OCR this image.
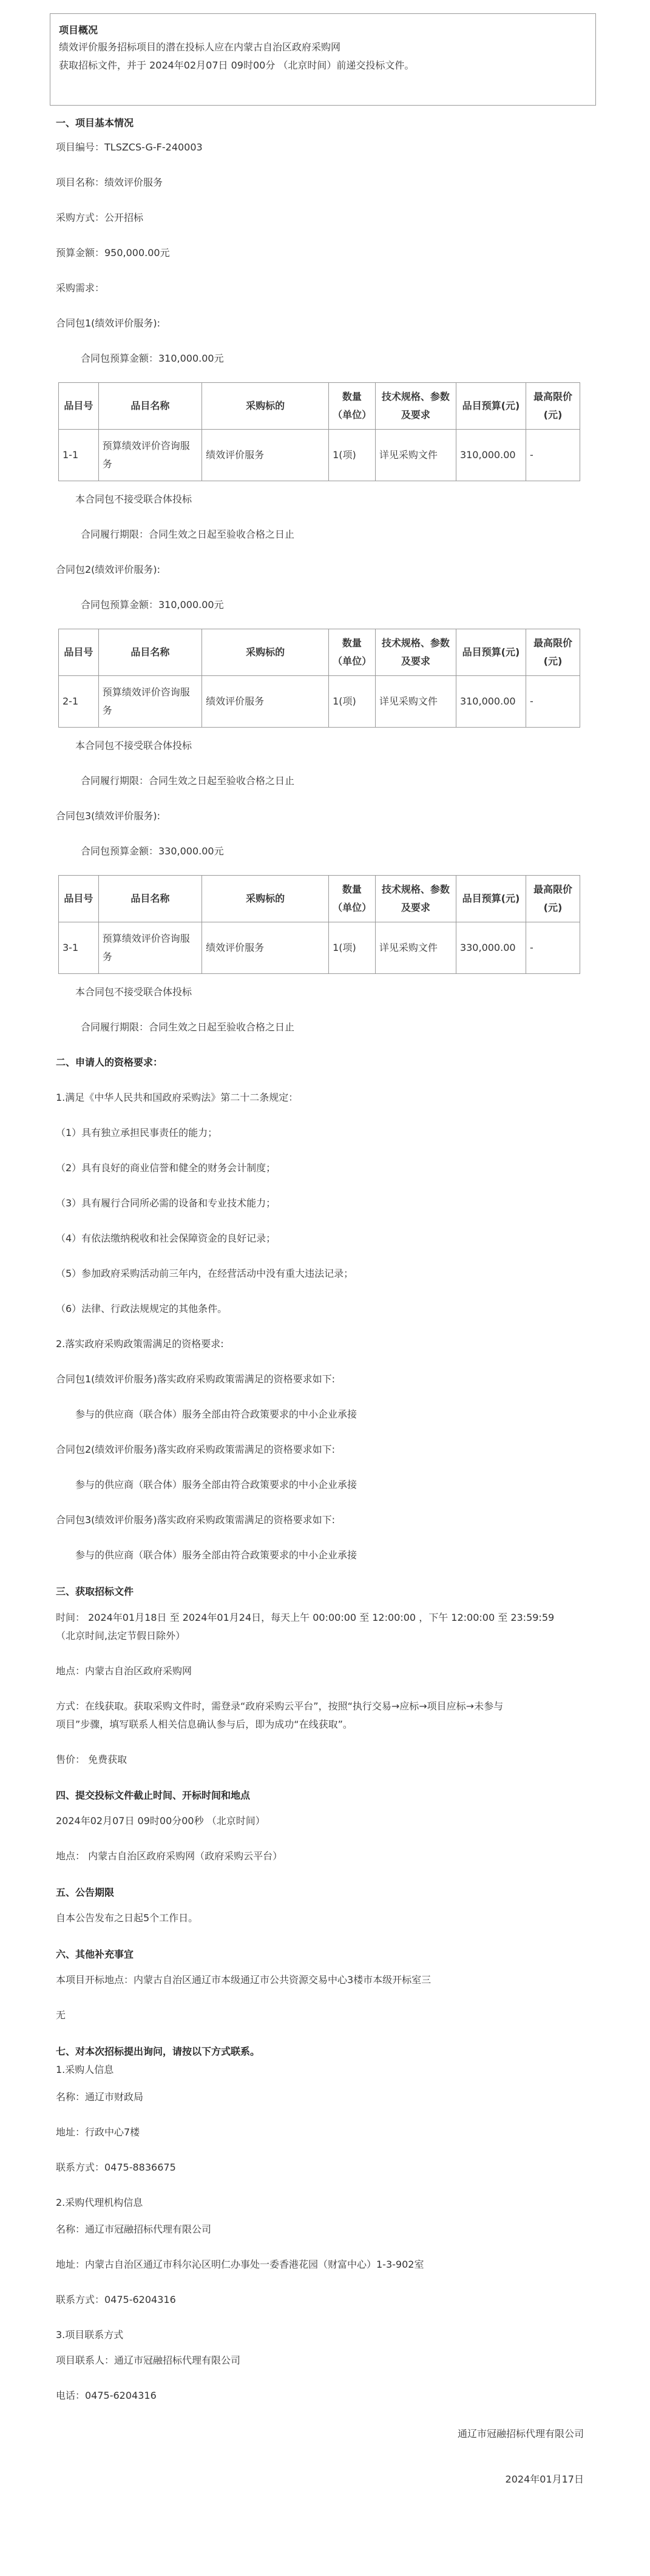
项目概况
绩效评价服务招标项目的潜在投标人应在内蒙古自治区政府采购网
获取招标文件，并于 2024年02月07日 09时00分 （北京时间）前递交投标文件。
一、项目基本情况
项目编号：TLSZCS-G-F-240003
项目名称：绩效评价服务
采购方式：公开招标
预算金额：950,000.00元
采购需求：
合同包1(绩效评价服务):
合同包预算金额：310,000.00元
品目号	品目名称	采购标的	数量（单位）	技术规格、参数及要求	品目预算(元)	最高限价(元)
1-1	预算绩效评价咨询服务	绩效评价服务	1(项)	详见采购文件	310,000.00	-
本合同包不接受联合体投标
合同履行期限：合同生效之日起至验收合格之日止
合同包2(绩效评价服务):
合同包预算金额：310,000.00元
品目号	品目名称	采购标的	数量（单位）	技术规格、参数及要求	品目预算(元)	最高限价(元)
2-1	预算绩效评价咨询服务	绩效评价服务	1(项)	详见采购文件	310,000.00	-
本合同包不接受联合体投标
合同履行期限：合同生效之日起至验收合格之日止
合同包3(绩效评价服务):
合同包预算金额：330,000.00元
品目号	品目名称	采购标的	数量（单位）	技术规格、参数及要求	品目预算(元)	最高限价(元)
3-1	预算绩效评价咨询服务	绩效评价服务	1(项)	详见采购文件	330,000.00	-
本合同包不接受联合体投标
合同履行期限：合同生效之日起至验收合格之日止
二、申请人的资格要求：
1.满足《中华人民共和国政府采购法》第二十二条规定：
（1）具有独立承担民事责任的能力；
（2）具有良好的商业信誉和健全的财务会计制度；
（3）具有履行合同所必需的设备和专业技术能力；
（4）有依法缴纳税收和社会保障资金的良好记录；
（5）参加政府采购活动前三年内，在经营活动中没有重大违法记录；
（6）法律、行政法规规定的其他条件。
2.落实政府采购政策需满足的资格要求:
合同包1(绩效评价服务)落实政府采购政策需满足的资格要求如下:
参与的供应商（联合体）服务全部由符合政策要求的中小企业承接
合同包2(绩效评价服务)落实政府采购政策需满足的资格要求如下:
参与的供应商（联合体）服务全部由符合政策要求的中小企业承接
合同包3(绩效评价服务)落实政府采购政策需满足的资格要求如下:
参与的供应商（联合体）服务全部由符合政策要求的中小企业承接
三、获取招标文件
时间： 2024年01月18日 至 2024年01月24日，每天上午 00:00:00 至 12:00:00 ，下午 12:00:00 至 23:59:59
（北京时间,法定节假日除外）
地点：内蒙古自治区政府采购网
方式：在线获取。获取采购文件时，需登录“政府采购云平台”，按照“执行交易→应标→项目应标→未参与
项目”步骤，填写联系人相关信息确认参与后，即为成功“在线获取”。
售价： 免费获取
四、提交投标文件截止时间、开标时间和地点
2024年02月07日 09时00分00秒 （北京时间）
地点： 内蒙古自治区政府采购网（政府采购云平台）
五、公告期限
自本公告发布之日起5个工作日。
六、其他补充事宜
本项目开标地点：内蒙古自治区通辽市本级通辽市公共资源交易中心3楼市本级开标室三
无
七、对本次招标提出询问，请按以下方式联系。
1.采购人信息
名称：通辽市财政局
地址：行政中心7楼
联系方式：0475-8836675
2.采购代理机构信息
名称：通辽市冠融招标代理有限公司
地址：内蒙古自治区通辽市科尔沁区明仁办事处一委香港花园（财富中心）1-3-902室
联系方式：0475-6204316
3.项目联系方式
项目联系人：通辽市冠融招标代理有限公司
电话：0475-6204316
通辽市冠融招标代理有限公司
2024年01月17日
